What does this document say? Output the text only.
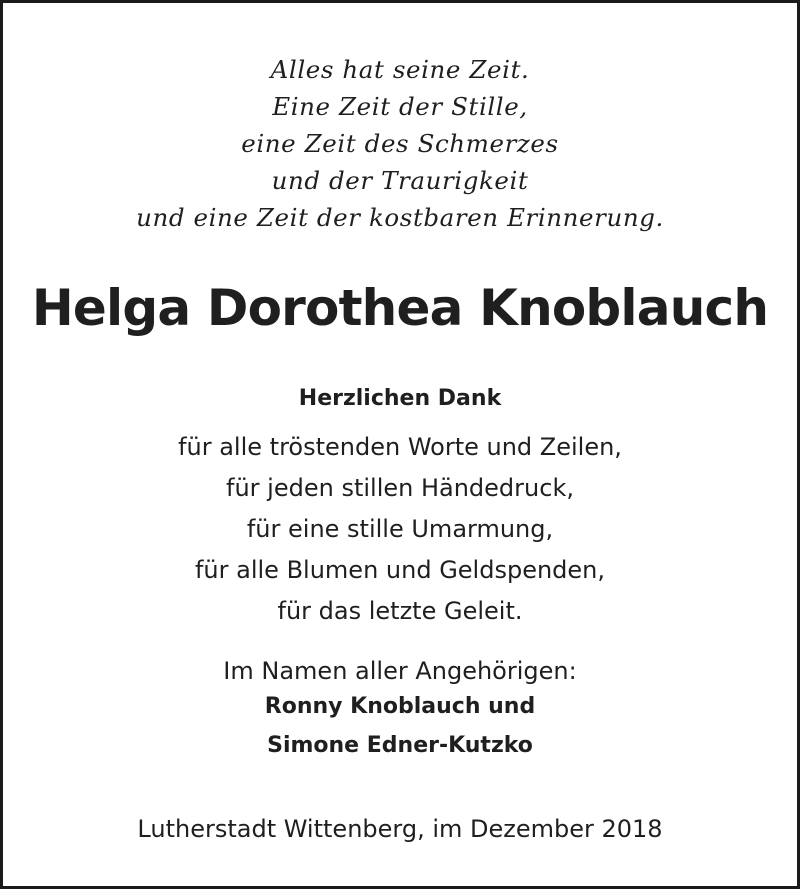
Alles hat seine Zeit.
Eine Zeit der Stille,
eine Zeit des Schmerzes
und der Traurigkeit
und eine Zeit der kostbaren Erinnerung.
Helga Dorothea Knoblauch
Herzlichen Dank
für alle tröstenden Worte und Zeilen,
für jeden stillen Händedruck,
für eine stille Umarmung,
für alle Blumen und Geldspenden,
für das letzte Geleit.
Im Namen aller Angehörigen:
Ronny Knoblauch und
Simone Edner-Kutzko
Lutherstadt Wittenberg, im Dezember 2018
